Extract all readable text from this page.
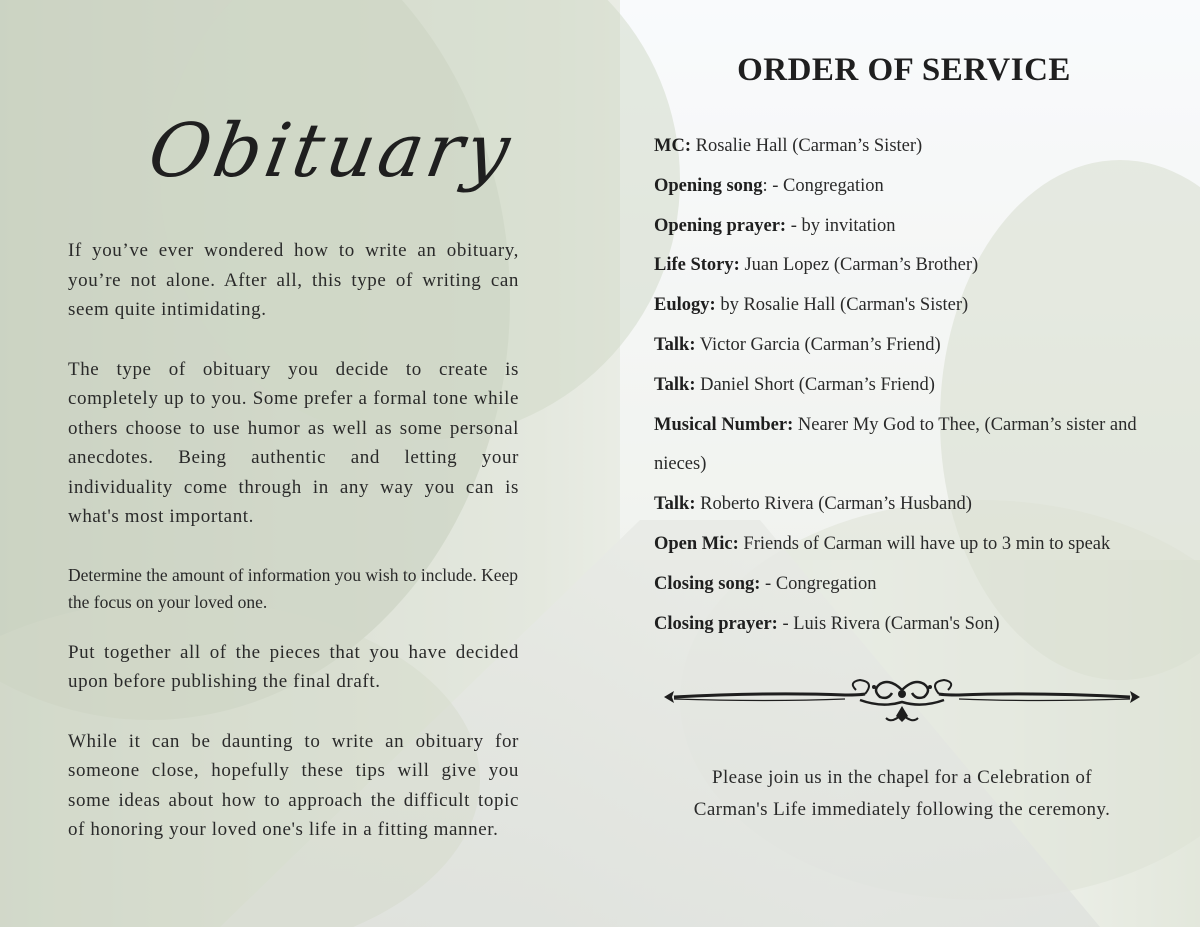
Obituary

If you’ve ever wondered how to write an obituary, you’re not alone. After all, this type of writing can seem quite intimidating.

The type of obituary you decide to create is completely up to you. Some prefer a formal tone while others choose to use humor as well as some personal anecdotes. Being authentic and letting your individuality come through in any way you can is what's most important.

Determine the amount of information you wish to include. Keep the focus on your loved one.

Put together all of the pieces that you have decided upon before publishing the final draft.

While it can be daunting to write an obituary for someone close, hopefully these tips will give you some ideas about how to approach the difficult topic of honoring your loved one's life in a fitting manner.

ORDER OF SERVICE
MC: Rosalie Hall (Carman’s Sister)
Opening song: - Congregation
Opening prayer: - by invitation
Life Story: Juan Lopez (Carman’s Brother)
Eulogy: by Rosalie Hall (Carman's Sister)
Talk: Victor Garcia (Carman’s Friend)
Talk: Daniel Short (Carman’s Friend)
Musical Number: Nearer My God to Thee, (Carman’s sister and nieces)
Talk: Roberto Rivera (Carman’s Husband)
Open Mic: Friends of Carman will have up to 3 min to speak
Closing song: - Congregation
Closing prayer: - Luis Rivera (Carman's Son)
Please join us in the chapel for a Celebration of
Carman's Life immediately following the ceremony.
